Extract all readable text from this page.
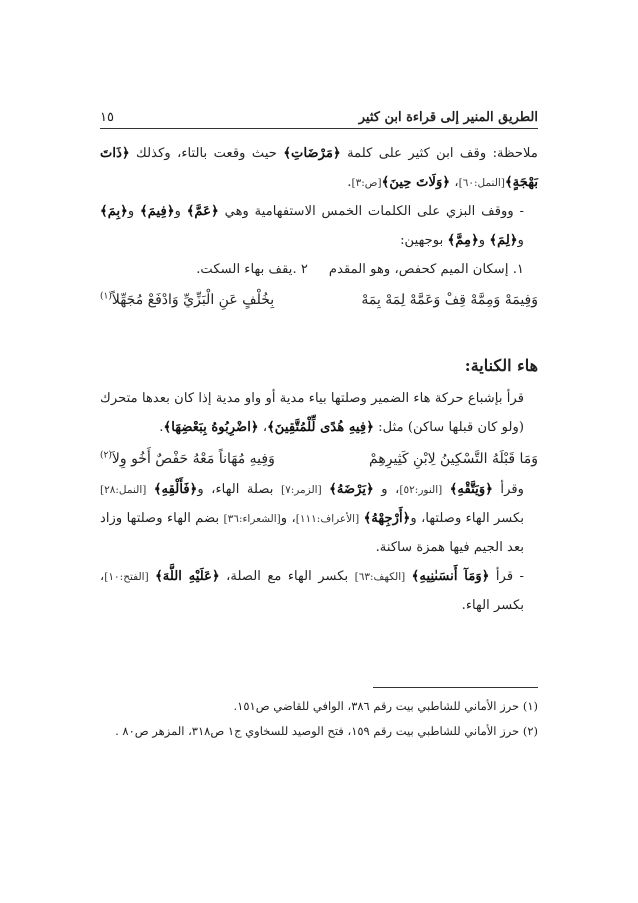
الطريق المنير إلى قراءة ابن كثير
١٥

ملاحظة: وقف ابن كثير على كلمة ﴿مَرْضَاتِ﴾ حيث وقعت بالتاء، وكذلك ﴿ذَاتَ بَهْجَةٍ﴾[النمل:٦٠]، ﴿وَلَاتَ حِينَ﴾[ص:٣].

- ووقف البزي على الكلمات الخمس الاستفهامية وهي ﴿عَمَّ﴾ و﴿فِيمَ﴾ و﴿بِمَ﴾ و﴿لِمَ﴾ و﴿مِمَّ﴾ بوجهين:

١. إسكان الميم كحفص، وهو المقدم     ٢ .يقف بهاء السكت.

وَفِيمَهْ وَمِمَّهْ قِفْ وَعَمَّهْ لِمَهْ بِمَهْ
بِخُلْفٍ عَنِ الْبَزِّيِّ وَادْفَعْ مُجَهِّلاً$^{(١)}$
هاء الكناية:

قرأ بإشباع حركة هاء الضمير وصلتها بياء مدية أو واو مدية إذا كان بعدها متحرك (ولو كان قبلها ساكن) مثل: ﴿فِيهِ هُدًى لِّلْمُتَّقِينَ﴾، ﴿اضْرِبُوهُ بِبَعْضِهَا﴾.

وَمَا قَبْلَهُ التَّسْكِينُ لِابْنِ كَثِيرِهِمْ
وَفِيهِ مُهَاناً مَعْهُ حَفْصٌ أَخُو وِلاَ$^{(٢)}$

وقرأ ﴿وَيَتَّقْهِ﴾ [النور:٥٢]، و ﴿يَرْضَهُ﴾ [الزمر:٧] بصلة الهاء، و﴿فَأَلْقِهِ﴾ [النمل:٢٨] بكسر الهاء وصلتها، و﴿أَرْجِهْهُ﴾ [الأعراف:١١١]، و[الشعراء:٣٦] بضم الهاء وصلتها وزاد بعد الجيم فيها همزة ساكنة.

- قرأ ﴿وَمَآ أَنسَىٰنِيهِ﴾ [الكهف:٦٣] بكسر الهاء مع الصلة، ﴿عَلَيْهِ اللَّهَ﴾ [الفتح:١٠]، بكسر الهاء.

(١) حرز الأماني للشاطبي بيت رقم ٣٨٦، الوافي للقاضي ص١٥١.
(٢) حرز الأماني للشاطبي بيت رقم ١٥٩، فتح الوصيد للسخاوي ج١ ص٣١٨، المزهر ص٨٠ .
